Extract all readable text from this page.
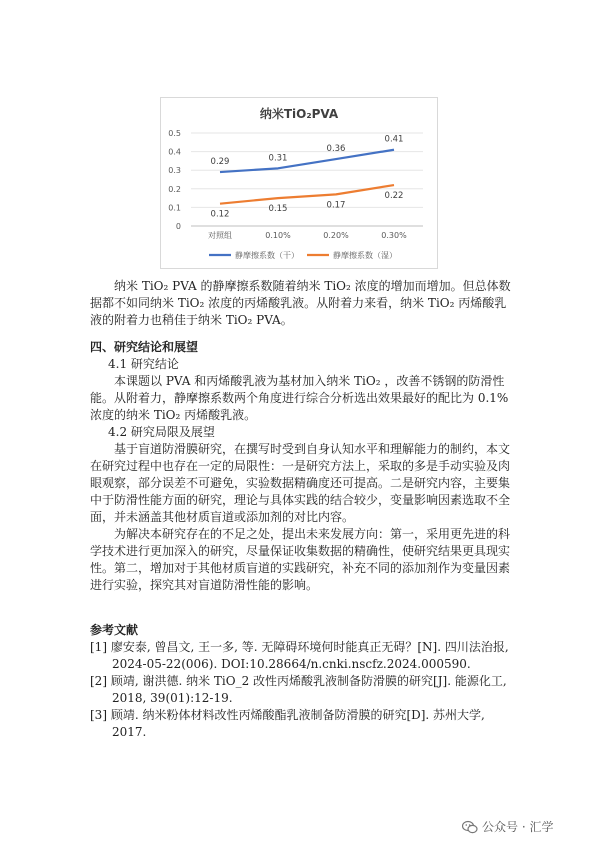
纳米TiO₂PVA
0
0.1
0.2
0.3
0.4
0.5
对照组	0.10%	0.20%	0.30%
0.29	0.31
0.36
0.41
0.12
0.15	0.17
0.22
静摩擦系数（干）	静摩擦系数（湿）

纳米 TiO₂ PVA 的静摩擦系数随着纳米 TiO₂ 浓度的增加而增加。但总体数据都不如同纳米 TiO₂ 浓度的丙烯酸乳液。从附着力来看，纳米 TiO₂ 丙烯酸乳液的附着力也稍佳于纳米 TiO₂ PVA。

四、研究结论和展望

4.1 研究结论

本课题以 PVA 和丙烯酸乳液为基材加入纳米 TiO₂ ，改善不锈钢的防滑性能。从附着力，静摩擦系数两个角度进行综合分析选出效果最好的配比为 0.1%浓度的纳米 TiO₂ 丙烯酸乳液。

4.2 研究局限及展望

基于盲道防滑膜研究，在撰写时受到自身认知水平和理解能力的制约，本文在研究过程中也存在一定的局限性：一是研究方法上，采取的多是手动实验及肉眼观察，部分误差不可避免，实验数据精确度还可提高。二是研究内容，主要集中于防滑性能方面的研究，理论与具体实践的结合较少，变量影响因素选取不全面，并未涵盖其他材质盲道或添加剂的对比内容。

为解决本研究存在的不足之处，提出未来发展方向：第一，采用更先进的科学技术进行更加深入的研究，尽量保证收集数据的精确性，使研究结果更具现实性。第二，增加对于其他材质盲道的实践研究，补充不同的添加剂作为变量因素进行实验，探究其对盲道防滑性能的影响。

参考文献

[1] 廖安泰, 曾昌文, 王一多, 等. 无障碍环境何时能真正无碍？[N]. 四川法治报, 2024-05-22(006). DOI:10.28664/n.cnki.nscfz.2024.000590.

[2] 顾靖, 谢洪德. 纳米 TiO_2 改性丙烯酸乳液制备防滑膜的研究[J]. 能源化工, 2018, 39(01):12-19.

[3] 顾靖. 纳米粉体材料改性丙烯酸酯乳液制备防滑膜的研究[D]. 苏州大学, 2017.

公众号 · 汇学
